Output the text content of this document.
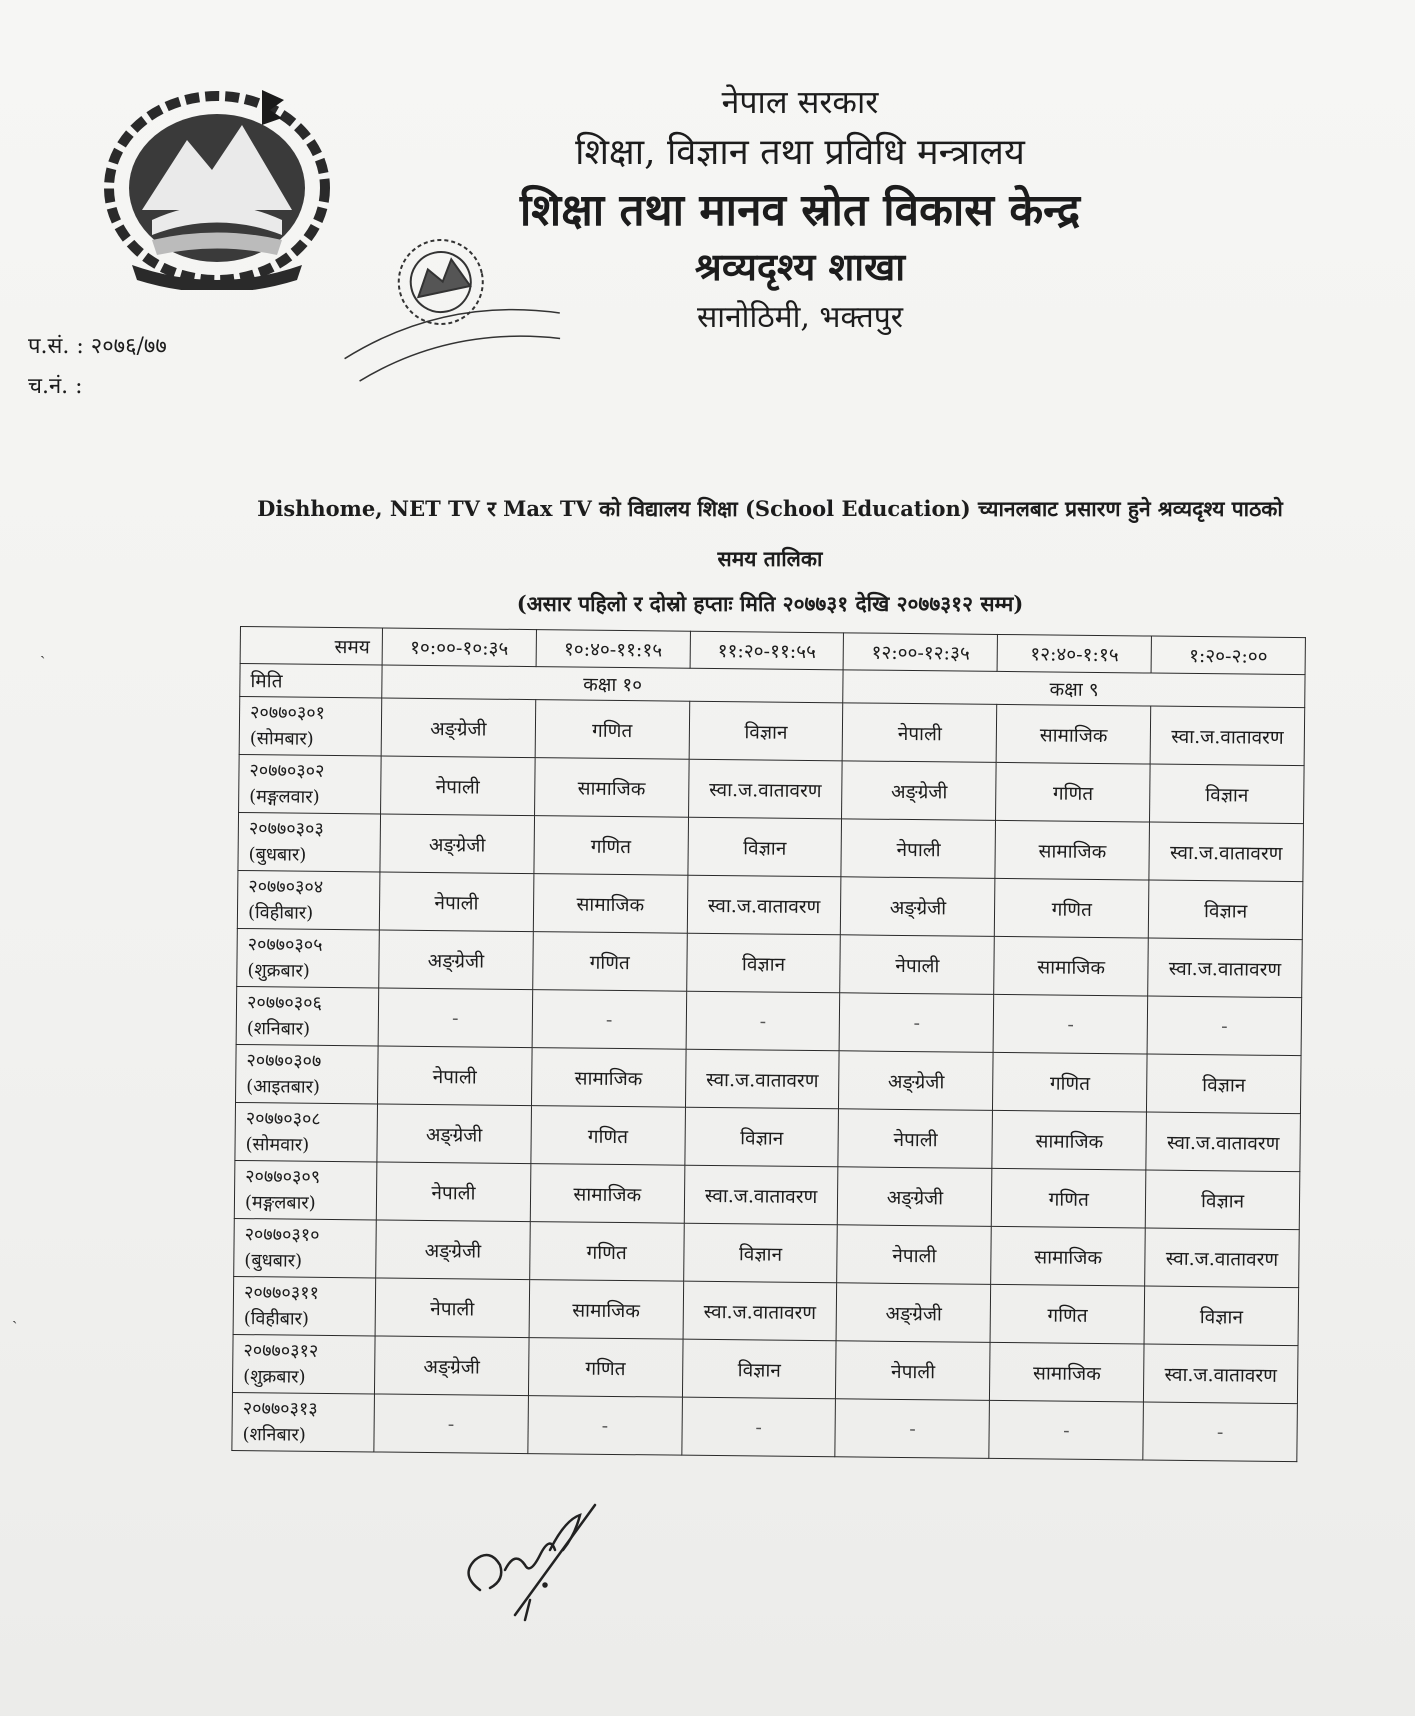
नेपाल सरकार
शिक्षा, विज्ञान तथा प्रविधि मन्त्रालय
शिक्षा तथा मानव स्रोत विकास केन्द्र
श्रव्यदृश्य शाखा
सानोठिमी, भक्तपुर
प.सं. : २०७६/७७
च.नं. :
Dishhome, NET TV र Max TV को विद्यालय शिक्षा (School Education) च्यानलबाट प्रसारण हुने श्रव्यदृश्य पाठको
समय तालिका
(असार पहिलो र दोस्रो हप्ताः मिति २०७७३१ देखि २०७७३१२ सम्म)
समय	१०:००-१०:३५	१०:४०-११:१५	११:२०-११:५५	१२:००-१२:३५	१२:४०-१:१५	१:२०-२:००
मिति	कक्षा १०			कक्षा ९		

२०७७०३०१
(सोमबार)	अङ्ग्रेजी	गणित	विज्ञान	नेपाली	सामाजिक	स्वा.ज.वातावरण

२०७७०३०२
(मङ्गलवार)	नेपाली	सामाजिक	स्वा.ज.वातावरण	अङ्ग्रेजी	गणित	विज्ञान

२०७७०३०३
(बुधबार)	अङ्ग्रेजी	गणित	विज्ञान	नेपाली	सामाजिक	स्वा.ज.वातावरण

२०७७०३०४
(विहीबार)	नेपाली	सामाजिक	स्वा.ज.वातावरण	अङ्ग्रेजी	गणित	विज्ञान

२०७७०३०५
(शुक्रबार)	अङ्ग्रेजी	गणित	विज्ञान	नेपाली	सामाजिक	स्वा.ज.वातावरण

२०७७०३०६
(शनिबार)	-	-	-	-	-	-

२०७७०३०७
(आइतबार)	नेपाली	सामाजिक	स्वा.ज.वातावरण	अङ्ग्रेजी	गणित	विज्ञान

२०७७०३०८
(सोमवार)	अङ्ग्रेजी	गणित	विज्ञान	नेपाली	सामाजिक	स्वा.ज.वातावरण

२०७७०३०९
(मङ्गलबार)	नेपाली	सामाजिक	स्वा.ज.वातावरण	अङ्ग्रेजी	गणित	विज्ञान

२०७७०३१०
(बुधबार)	अङ्ग्रेजी	गणित	विज्ञान	नेपाली	सामाजिक	स्वा.ज.वातावरण

२०७७०३११
(विहीबार)	नेपाली	सामाजिक	स्वा.ज.वातावरण	अङ्ग्रेजी	गणित	विज्ञान

२०७७०३१२
(शुक्रबार)	अङ्ग्रेजी	गणित	विज्ञान	नेपाली	सामाजिक	स्वा.ज.वातावरण

२०७७०३१३
(शनिबार)	-	-	-	-	-	-
ˏ
ˏ
